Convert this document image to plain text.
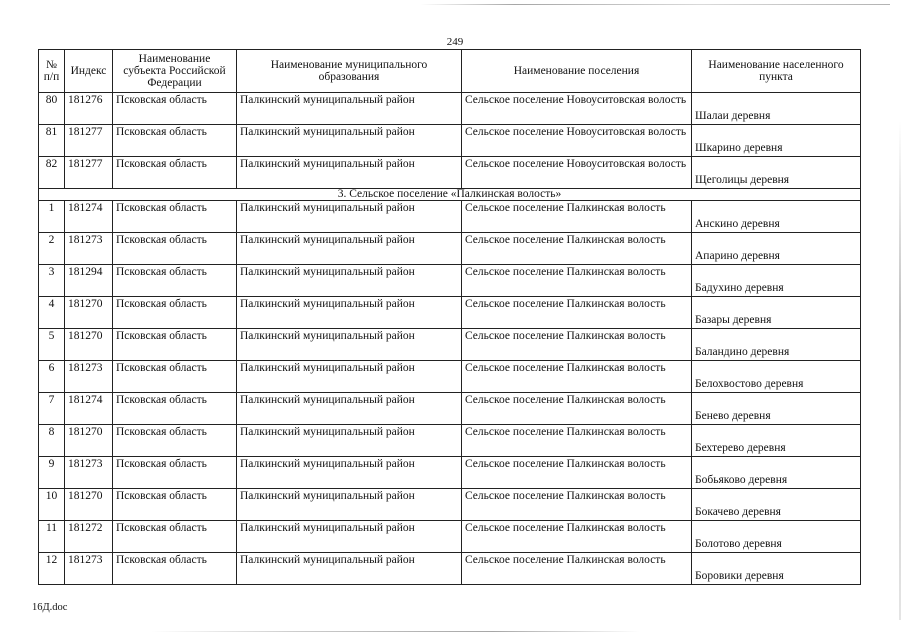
249
№ п/п	Индекс	Наименование субъекта Российской Федерации	Наименование муниципального образования	Наименование поселения	Наименование населенного пункта
80	181276	Псковская область	Палкинский муниципальный район	Сельское поселение Новоуситовская волость	Шалаи деревня
81	181277	Псковская область	Палкинский муниципальный район	Сельское поселение Новоуситовская волость	Шкарино деревня
82	181277	Псковская область	Палкинский муниципальный район	Сельское поселение Новоуситовская волость	Щеголицы деревня
3. Сельское поселение «Палкинская волость»					
1	181274	Псковская область	Палкинский муниципальный район	Сельское поселение Палкинская волость	Анскино деревня
2	181273	Псковская область	Палкинский муниципальный район	Сельское поселение Палкинская волость	Апарино деревня
3	181294	Псковская область	Палкинский муниципальный район	Сельское поселение Палкинская волость	Бадухино деревня
4	181270	Псковская область	Палкинский муниципальный район	Сельское поселение Палкинская волость	Базары деревня
5	181270	Псковская область	Палкинский муниципальный район	Сельское поселение Палкинская волость	Баландино деревня
6	181273	Псковская область	Палкинский муниципальный район	Сельское поселение Палкинская волость	Белохвостово деревня
7	181274	Псковская область	Палкинский муниципальный район	Сельское поселение Палкинская волость	Бенево деревня
8	181270	Псковская область	Палкинский муниципальный район	Сельское поселение Палкинская волость	Бехтерево деревня
9	181273	Псковская область	Палкинский муниципальный район	Сельское поселение Палкинская волость	Бобьяково деревня
10	181270	Псковская область	Палкинский муниципальный район	Сельское поселение Палкинская волость	Бокачево деревня
11	181272	Псковская область	Палкинский муниципальный район	Сельское поселение Палкинская волость	Болотово деревня
12	181273	Псковская область	Палкинский муниципальный район	Сельское поселение Палкинская волость	Боровики деревня
16Д.doc
